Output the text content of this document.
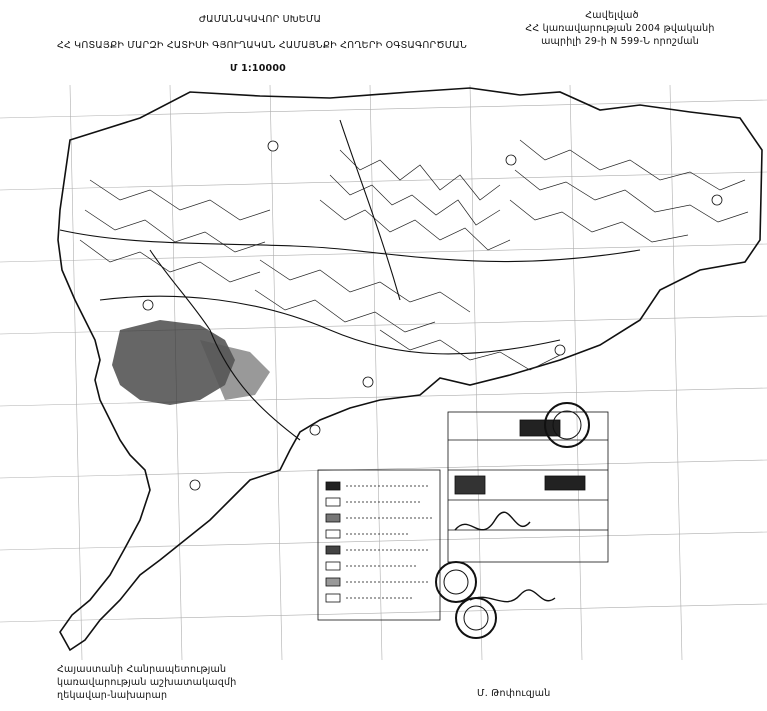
ԺԱՄԱՆԱԿԱՎՈՐ ՍԽԵՄԱ
ՀՀ ԿՈՏԱՅՔԻ ՄԱՐԶԻ ՀԱՏԻՍԻ ԳՅՈՒՂԱԿԱՆ ՀԱՄԱՅՆՔԻ ՀՈՂԵՐԻ ՕԳՏԱԳՈՐԾՄԱՆ
Մ 1:10000
Հավելված
ՀՀ կառավարության 2004 թվականի
ապրիլի 29-ի N 599-Ն որոշման
Հայաստանի Հանրապետության
կառավարության աշխատակազմի
ղեկավար-նախարար	Մ. Թոփուզյան
